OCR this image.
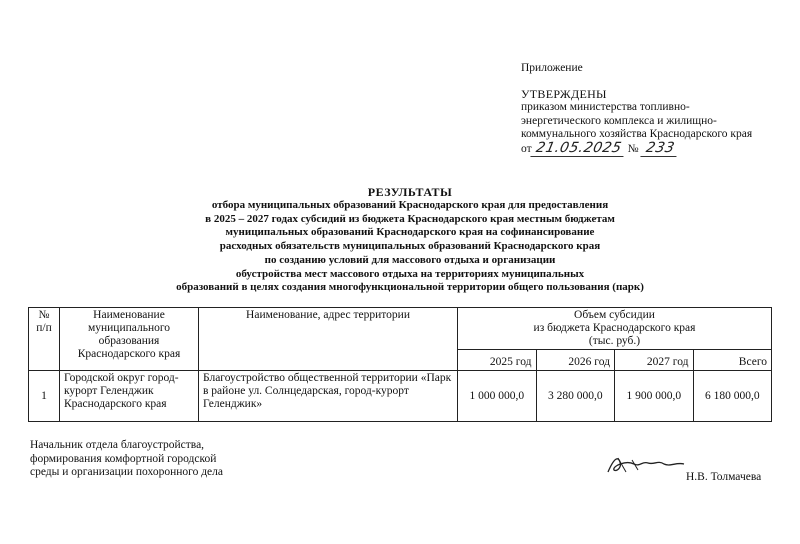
Приложение
УТВЕРЖДЕНЫ
приказом министерства топливно-
энергетического комплекса и жилищно-
коммунального хозяйства Краснодарского края
от 21.05.2025 № 233
РЕЗУЛЬТАТЫ
отбора муниципальных образований Краснодарского края для предоставления
в 2025 – 2027 годах субсидий из бюджета Краснодарского края местным бюджетам
муниципальных образований Краснодарского края на софинансирование
расходных обязательств муниципальных образований Краснодарского края
по созданию условий для массового отдыха и организации
обустройства мест массового отдыха на территориях муниципальных
образований в целях создания многофункциональной территории общего пользования (парк)
№ п/п	Наименование муниципального образования Краснодарского края	Наименование, адрес территории	Объем субсидии
из бюджета Краснодарского края
(тыс. руб.)			

			2025 год	2026 год	2027 год	Всего
1	Городской округ город-курорт Геленджик Краснодарского края	Благоустройство общественной территории «Парк в районе ул. Солнцедарская, город-курорт Геленджик»	1 000 000,0	3 280 000,0	1 900 000,0	6 180 000,0
Начальник отдела благоустройства,
формирования комфортной городской
среды и организации похоронного дела	Н.В. Толмачева
